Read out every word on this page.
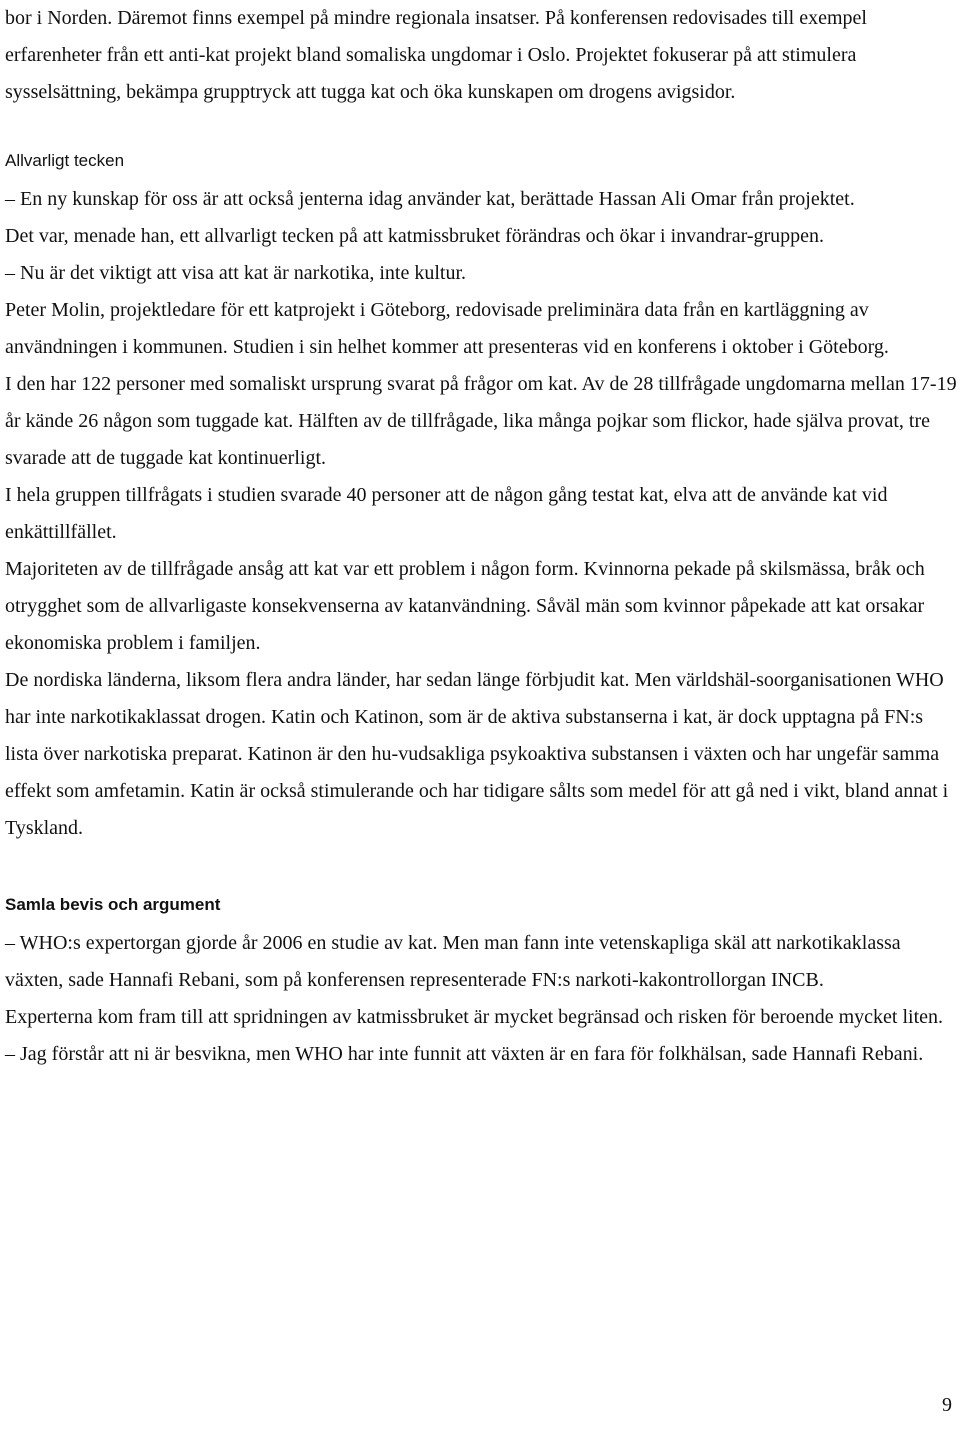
bor i Norden. Däremot finns exempel på mindre regionala insatser. På konferensen redovisades till exempel erfarenheter från ett anti-kat projekt bland somaliska ungdomar i Oslo. Projektet fokuserar på att stimulera sysselsättning, bekämpa grupptryck att tugga kat och öka kunskapen om drogens avigsidor.

Allvarligt tecken

– En ny kunskap för oss är att också jenterna idag använder kat, berättade Hassan Ali Omar från projektet.

Det var, menade han, ett allvarligt tecken på att katmissbruket förändras och ökar i invandrar-gruppen.

– Nu är det viktigt att visa att kat är narkotika, inte kultur.

Peter Molin, projektledare för ett katprojekt i Göteborg, redovisade preliminära data från en kartläggning av användningen i kommunen. Studien i sin helhet kommer att presenteras vid en konferens i oktober i Göteborg.

I den har 122 personer med somaliskt ursprung svarat på frågor om kat. Av de 28 tillfrågade ungdomarna mellan 17-19 år kände 26 någon som tuggade kat. Hälften av de tillfrågade, lika många pojkar som flickor, hade själva provat, tre svarade att de tuggade kat kontinuerligt.

I hela gruppen tillfrågats i studien svarade 40 personer att de någon gång testat kat, elva att de använde kat vid enkättillfället.

Majoriteten av de tillfrågade ansåg att kat var ett problem i någon form. Kvinnorna pekade på skilsmässa, bråk och otrygghet som de allvarligaste konsekvenserna av katanvändning. Såväl män som kvinnor påpekade att kat orsakar ekonomiska problem i familjen.

De nordiska länderna, liksom flera andra länder, har sedan länge förbjudit kat. Men världshäl-soorganisationen WHO har inte narkotikaklassat drogen. Katin och Katinon, som är de aktiva substanserna i kat, är dock upptagna på FN:s lista över narkotiska preparat. Katinon är den hu-vudsakliga psykoaktiva substansen i växten och har ungefär samma effekt som amfetamin. Katin är också stimulerande och har tidigare sålts som medel för att gå ned i vikt, bland annat i Tyskland.

Samla bevis och argument

– WHO:s expertorgan gjorde år 2006 en studie av kat. Men man fann inte vetenskapliga skäl att narkotikaklassa växten, sade Hannafi Rebani, som på konferensen representerade FN:s narkoti-kakontrollorgan INCB.

Experterna kom fram till att spridningen av katmissbruket är mycket begränsad och risken för beroende mycket liten.

– Jag förstår att ni är besvikna, men WHO har inte funnit att växten är en fara för folkhälsan, sade Hannafi Rebani.

9
